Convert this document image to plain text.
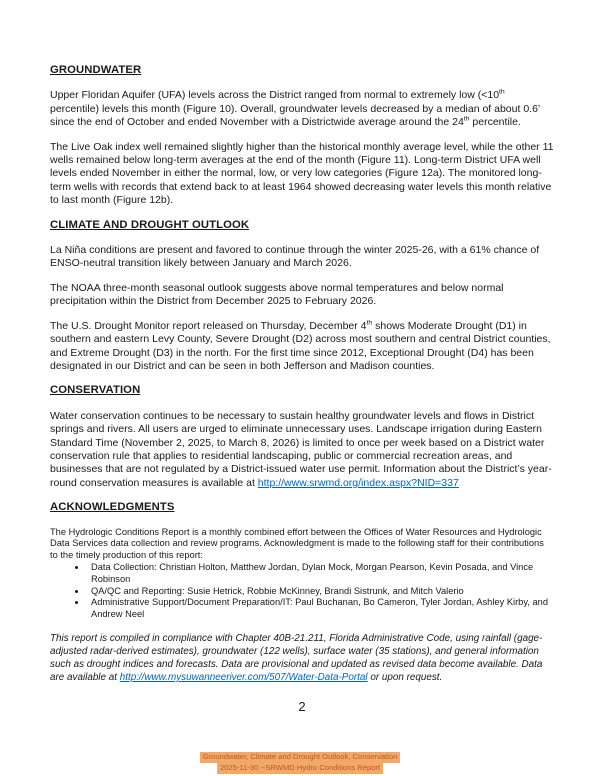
GROUNDWATER

Upper Floridan Aquifer (UFA) levels across the District ranged from normal to extremely low (<10th percentile) levels this month (Figure 10). Overall, groundwater levels decreased by a median of about 0.6’ since the end of October and ended November with a Districtwide average around the 24th percentile.

The Live Oak index well remained slightly higher than the historical monthly average level, while the other 11 wells remained below long-term averages at the end of the month (Figure 11). Long-term District UFA well levels ended November in either the normal, low, or very low categories (Figure 12a). The monitored long-term wells with records that extend back to at least 1964 showed decreasing water levels this month relative to last month (Figure 12b).

CLIMATE AND DROUGHT OUTLOOK

La Niña conditions are present and favored to continue through the winter 2025-26, with a 61% chance of ENSO-neutral transition likely between January and March 2026.

The NOAA three-month seasonal outlook suggests above normal temperatures and below normal precipitation within the District from December 2025 to February 2026.

The U.S. Drought Monitor report released on Thursday, December 4th shows Moderate Drought (D1) in southern and eastern Levy County, Severe Drought (D2) across most southern and central District counties, and Extreme Drought (D3) in the north. For the first time since 2012, Exceptional Drought (D4) has been designated in our District and can be seen in both Jefferson and Madison counties.

CONSERVATION

Water conservation continues to be necessary to sustain healthy groundwater levels and flows in District springs and rivers. All users are urged to eliminate unnecessary uses. Landscape irrigation during Eastern Standard Time (November 2, 2025, to March 8, 2026) is limited to once per week based on a District water conservation rule that applies to residential landscaping, public or commercial recreation areas, and businesses that are not regulated by a District-issued water use permit. Information about the District’s year-round conservation measures is available at http://www.srwmd.org/index.aspx?NID=337

ACKNOWLEDGMENTS

The Hydrologic Conditions Report is a monthly combined effort between the Offices of Water Resources and Hydrologic Data Services data collection and review programs. Acknowledgment is made to the following staff for their contributions to the timely production of this report:

• Data Collection: Christian Holton, Matthew Jordan, Dylan Mock, Morgan Pearson, Kevin Posada, and Vince Robinson
• QA/QC and Reporting: Susie Hetrick, Robbie McKinney, Brandi Sistrunk, and Mitch Valerio
• Administrative Support/Document Preparation/IT: Paul Buchanan, Bo Cameron, Tyler Jordan, Ashley Kirby, and Andrew Neel

This report is compiled in compliance with Chapter 40B-21.211, Florida Administrative Code, using rainfall (gage-adjusted radar-derived estimates), groundwater (122 wells), surface water (35 stations), and general information such as drought indices and forecasts. Data are provisional and updated as revised data become available. Data are available at http://www.mysuwanneeriver.com/507/Water-Data-Portal or upon request.

2
Groundwater, Climate and Drought Outlook, Conservation
2025-11-30 --SRWMD Hydro Conditions Report
